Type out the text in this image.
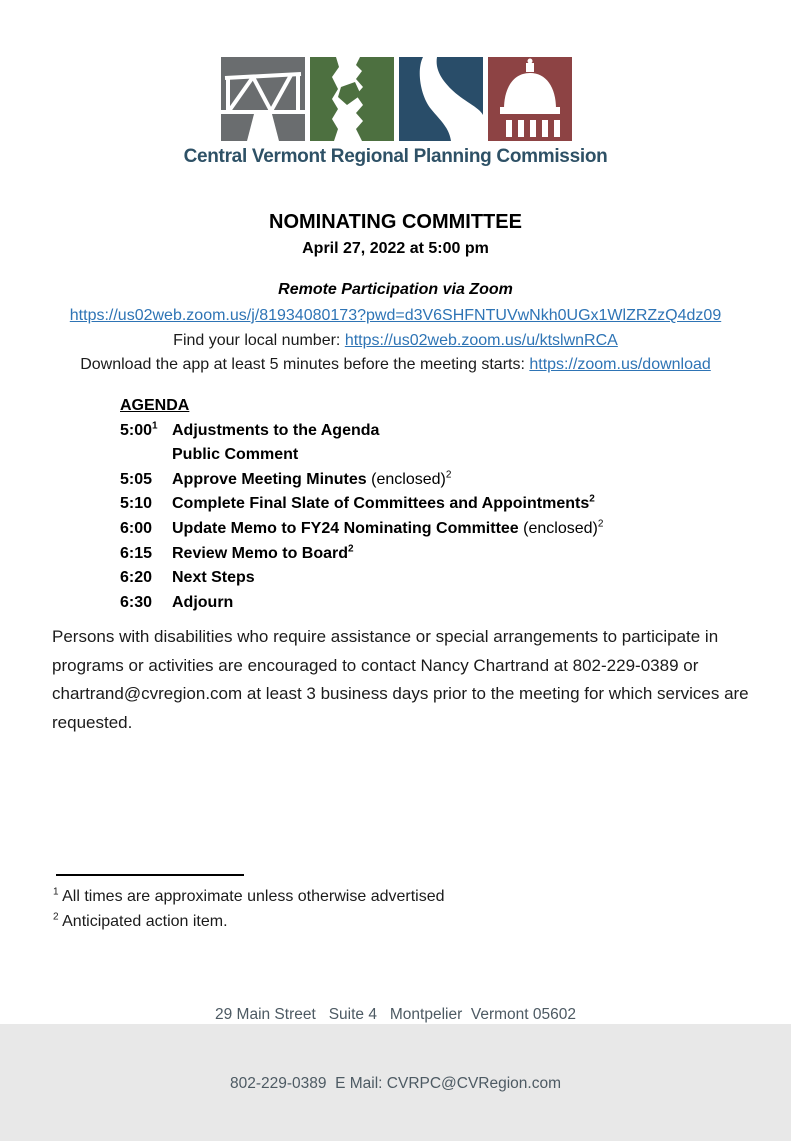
Central Vermont Regional Planning Commission
NOMINATING COMMITTEE
April 27, 2022 at 5:00 pm
Remote Participation via Zoom
https://us02web.zoom.us/j/81934080173?pwd=d3V6SHFNTUVwNkh0UGx1WlZRZzQ4dz09
Find your local number: https://us02web.zoom.us/u/ktslwnRCA
Download the app at least 5 minutes before the meeting starts: https://zoom.us/download
AGENDA
$5:00^1$ Adjustments to the Agenda
Public Comment
5:05	Approve Meeting Minutes (enclosed)$^2$
5:10	Complete Final Slate of Committees and Appointments$^2$
6:00	Update Memo to FY24 Nominating Committee (enclosed)$^2$
6:15	Review Memo to Board$^2$
6:20	Next Steps
6:30	Adjourn

Persons with disabilities who require assistance or special arrangements to participate in programs or activities are encouraged to contact Nancy Chartrand at 802-229-0389 or chartrand@cvregion.com at least 3 business days prior to the meeting for which services are requested.

$^1$ All times are approximate unless otherwise advertised
$^2$ Anticipated action item.

29 Main Street   Suite 4   Montpelier  Vermont 05602

802-229-0389  E Mail: CVRPC@CVRegion.com
